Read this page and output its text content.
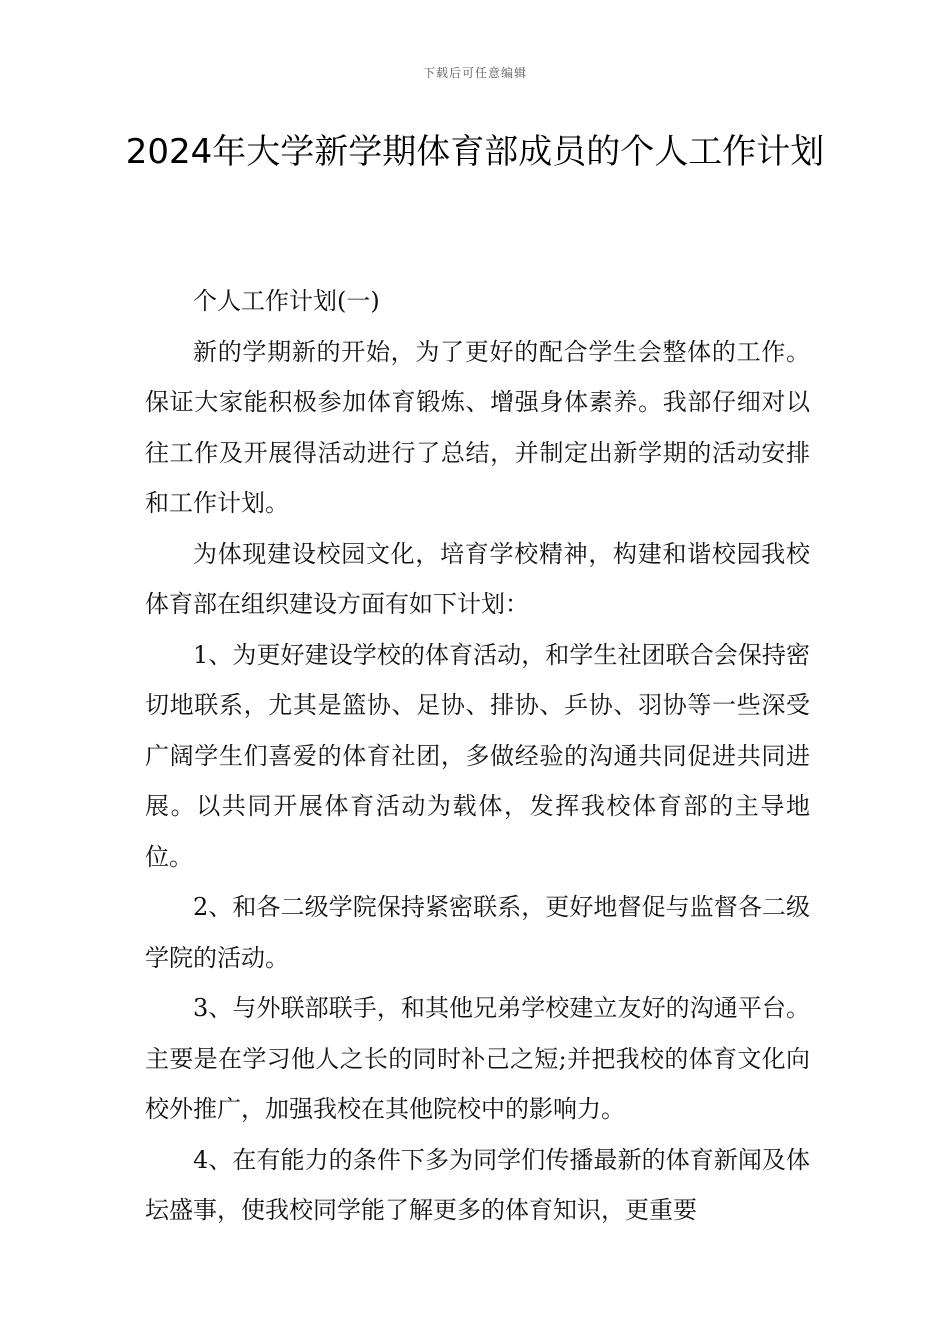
下载后可任意编辑
2024年大学新学期体育部成员的个人工作计划

个人工作计划(一)

新的学期新的开始，为了更好的配合学生会整体的工作。保证大家能积极参加体育锻炼、增强身体素养。我部仔细对以往工作及开展得活动进行了总结，并制定出新学期的活动安排和工作计划。

为体现建设校园文化，培育学校精神，构建和谐校园我校体育部在组织建设方面有如下计划：

1、为更好建设学校的体育活动，和学生社团联合会保持密切地联系，尤其是篮协、足协、排协、乒协、羽协等一些深受广阔学生们喜爱的体育社团，多做经验的沟通共同促进共同进展。以共同开展体育活动为载体，发挥我校体育部的主导地位。

2、和各二级学院保持紧密联系，更好地督促与监督各二级学院的活动。

3、与外联部联手，和其他兄弟学校建立友好的沟通平台。主要是在学习他人之长的同时补己之短;并把我校的体育文化向校外推广，加强我校在其他院校中的影响力。

4、在有能力的条件下多为同学们传播最新的体育新闻及体坛盛事，使我校同学能了解更多的体育知识，更重要
